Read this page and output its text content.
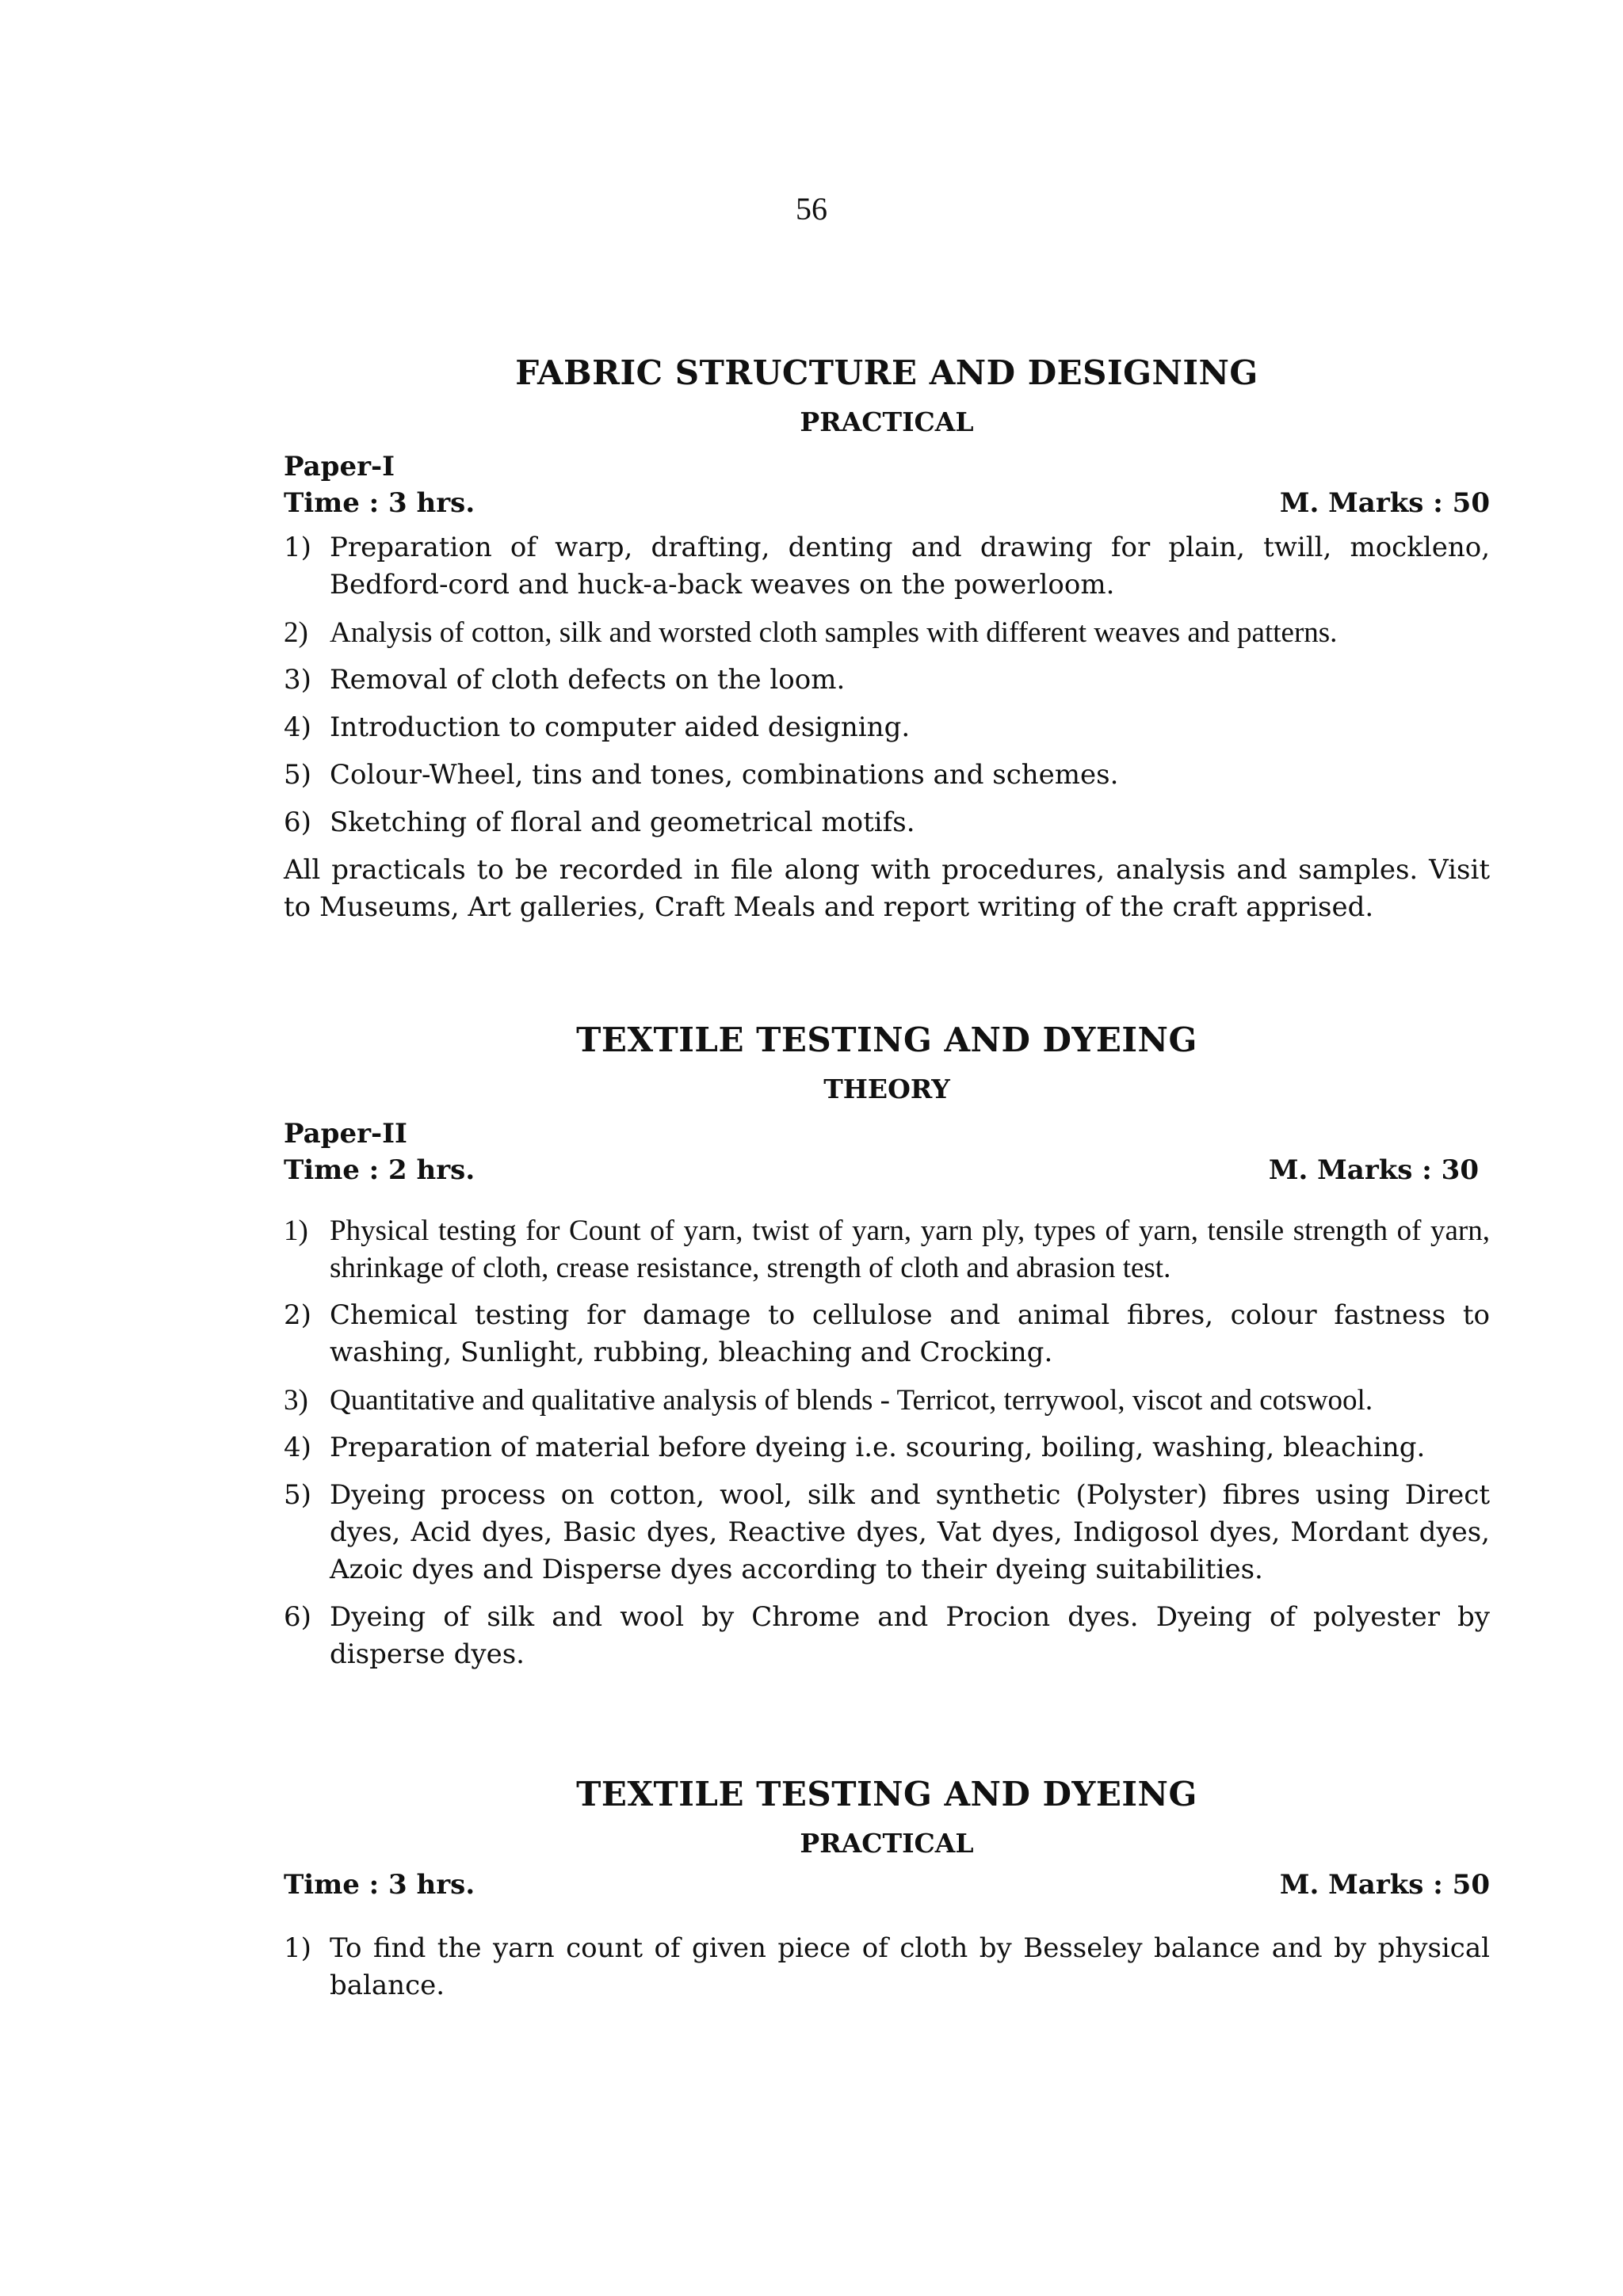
56
FABRIC STRUCTURE AND DESIGNING
PRACTICAL
Paper-I
Time : 3 hrs.	M. Marks : 50
1) Preparation of warp, drafting, denting and drawing for plain, twill, mockleno, Bedford-cord and huck-a-back weaves on the powerloom.
2) Analysis of cotton, silk and worsted cloth samples with different weaves and patterns.
3) Removal of cloth defects on the loom.
4) Introduction to computer aided designing.
5) Colour-Wheel, tins and tones, combinations and schemes.
6) Sketching of floral and geometrical motifs.
All practicals to be recorded in file along with procedures, analysis and samples. Visit to Museums, Art galleries, Craft Meals and report writing of the craft apprised.
TEXTILE TESTING AND DYEING
THEORY
Paper-II
Time : 2 hrs.	M. Marks : 30
1) Physical testing for Count of yarn, twist of yarn, yarn ply, types of yarn, tensile strength of yarn, shrinkage of cloth, crease resistance, strength of cloth and abrasion test.
2) Chemical testing for damage to cellulose and animal fibres, colour fastness to washing, Sunlight, rubbing, bleaching and Crocking.
3) Quantitative and qualitative analysis of blends - Terricot, terrywool, viscot and cotswool.
4) Preparation of material before dyeing i.e. scouring, boiling, washing, bleaching.
5) Dyeing process on cotton, wool, silk and synthetic (Polyster) fibres using Direct dyes, Acid dyes, Basic dyes, Reactive dyes, Vat dyes, Indigosol dyes, Mordant dyes, Azoic dyes and Disperse dyes according to their dyeing suitabilities.
6) Dyeing of silk and wool by Chrome and Procion dyes. Dyeing of polyester by disperse dyes.
TEXTILE TESTING AND DYEING
PRACTICAL
Time : 3 hrs.	M. Marks : 50
1) To find the yarn count of given piece of cloth by Besseley balance and by physical balance.
